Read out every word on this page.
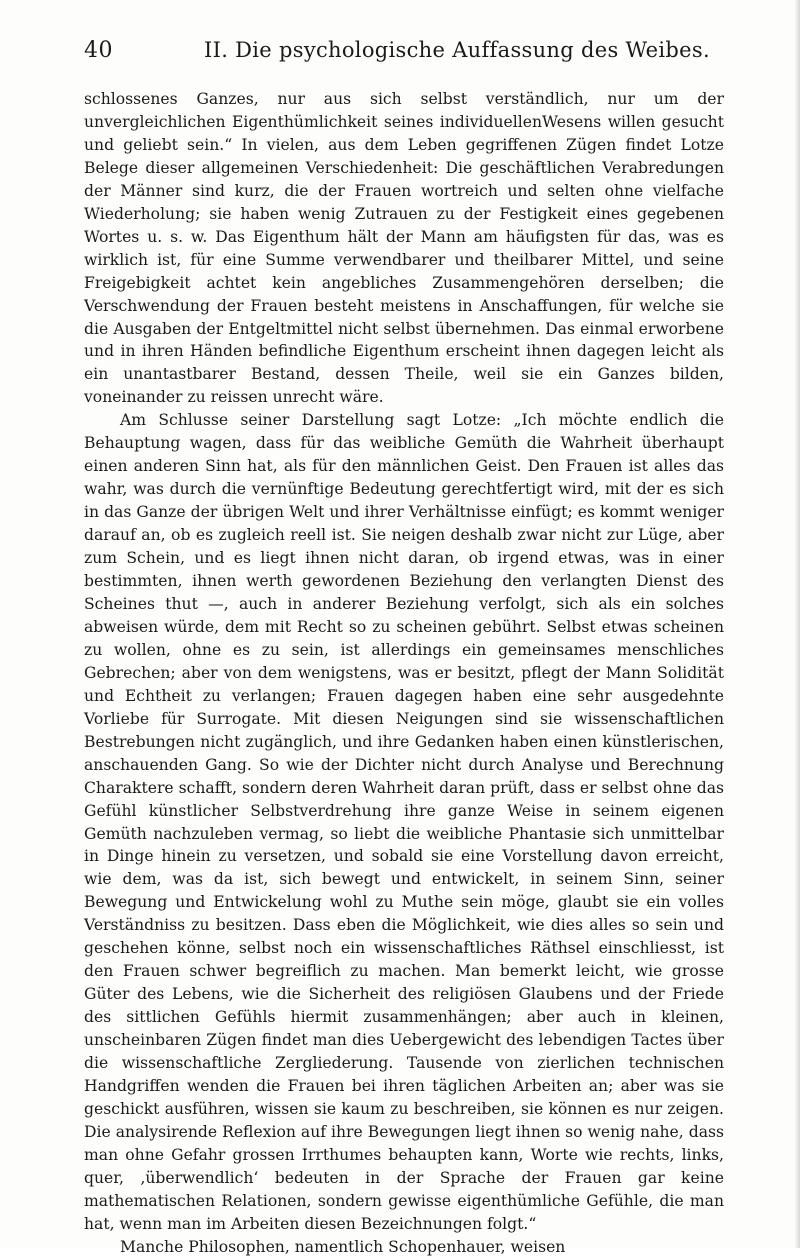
40	II. Die psychologische Auffassung des Weibes.

schlossenes Ganzes, nur aus sich selbst verständlich, nur um der unvergleichlichen Eigenthümlichkeit seines individuellenWesens willen gesucht und geliebt sein.“ In vielen, aus dem Leben gegriffenen Zügen findet Lotze Belege dieser allgemeinen Verschiedenheit: Die geschäftlichen Verabredungen der Männer sind kurz, die der Frauen wortreich und selten ohne vielfache Wiederholung; sie haben wenig Zutrauen zu der Festigkeit eines gegebenen Wortes u. s. w. Das Eigenthum hält der Mann am häufigsten für das, was es wirklich ist, für eine Summe verwendbarer und theilbarer Mittel, und seine Freigebigkeit achtet kein angebliches Zusammengehören derselben; die Verschwendung der Frauen besteht meistens in Anschaffungen, für welche sie die Ausgaben der Entgeltmittel nicht selbst übernehmen. Das einmal erworbene und in ihren Händen befindliche Eigenthum erscheint ihnen dagegen leicht als ein unantastbarer Bestand, dessen Theile, weil sie ein Ganzes bilden, voneinander zu reissen unrecht wäre.

Am Schlusse seiner Darstellung sagt Lotze: „Ich möchte endlich die Behauptung wagen, dass für das weibliche Gemüth die Wahrheit überhaupt einen anderen Sinn hat, als für den männlichen Geist. Den Frauen ist alles das wahr, was durch die vernünftige Bedeutung gerechtfertigt wird, mit der es sich in das Ganze der übrigen Welt und ihrer Verhältnisse einfügt; es kommt weniger darauf an, ob es zugleich reell ist. Sie neigen deshalb zwar nicht zur Lüge, aber zum Schein, und es liegt ihnen nicht daran, ob irgend etwas, was in einer bestimmten, ihnen werth gewordenen Beziehung den verlangten Dienst des Scheines thut —, auch in anderer Beziehung verfolgt, sich als ein solches abweisen würde, dem mit Recht so zu scheinen gebührt. Selbst etwas scheinen zu wollen, ohne es zu sein, ist allerdings ein gemeinsames menschliches Gebrechen; aber von dem wenigstens, was er besitzt, pflegt der Mann Solidität und Echtheit zu verlangen; Frauen dagegen haben eine sehr ausgedehnte Vorliebe für Surrogate. Mit diesen Neigungen sind sie wissenschaftlichen Bestrebungen nicht zugänglich, und ihre Gedanken haben einen künstlerischen, anschauenden Gang. So wie der Dichter nicht durch Analyse und Berechnung Charaktere schafft, sondern deren Wahrheit daran prüft, dass er selbst ohne das Gefühl künstlicher Selbstverdrehung ihre ganze Weise in seinem eigenen Gemüth nachzuleben vermag, so liebt die weibliche Phantasie sich unmittelbar in Dinge hinein zu versetzen, und sobald sie eine Vorstellung davon erreicht, wie dem, was da ist, sich bewegt und entwickelt, in seinem Sinn, seiner Bewegung und Entwickelung wohl zu Muthe sein möge, glaubt sie ein volles Verständniss zu besitzen. Dass eben die Möglichkeit, wie dies alles so sein und geschehen könne, selbst noch ein wissenschaftliches Räthsel einschliesst, ist den Frauen schwer begreiflich zu machen. Man bemerkt leicht, wie grosse Güter des Lebens, wie die Sicherheit des religiösen Glaubens und der Friede des sittlichen Gefühls hiermit zusammenhängen; aber auch in kleinen, unscheinbaren Zügen findet man dies Uebergewicht des lebendigen Tactes über die wissenschaftliche Zergliederung. Tausende von zierlichen technischen Handgriffen wenden die Frauen bei ihren täglichen Arbeiten an; aber was sie geschickt ausführen, wissen sie kaum zu beschreiben, sie können es nur zeigen. Die analysirende Reflexion auf ihre Bewegungen liegt ihnen so wenig nahe, dass man ohne Gefahr grossen Irrthumes behaupten kann, Worte wie rechts, links, quer, ‚überwendlich‘ bedeuten in der Sprache der Frauen gar keine mathematischen Relationen, sondern gewisse eigenthümliche Gefühle, die man hat, wenn man im Arbeiten diesen Bezeichnungen folgt.“

Manche Philosophen, namentlich Schopenhauer, weisen
